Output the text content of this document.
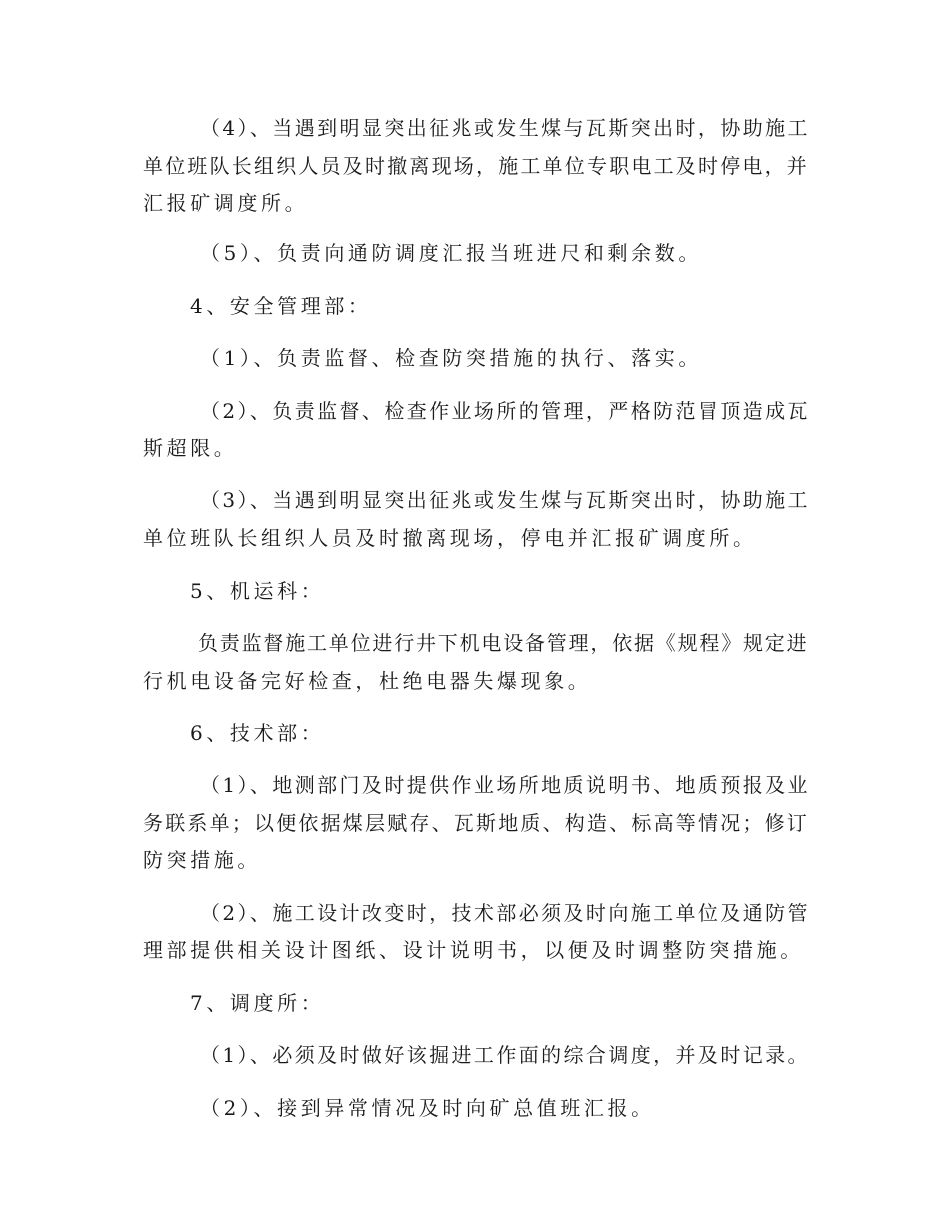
（4）、当遇到明显突出征兆或发生煤与瓦斯突出时，协助施工
单位班队长组织人员及时撤离现场，施工单位专职电工及时停电，并
汇报矿调度所。
（5）、负责向通防调度汇报当班进尺和剩余数。
4、安全管理部：
（1）、负责监督、检查防突措施的执行、落实。
（2）、负责监督、检查作业场所的管理，严格防范冒顶造成瓦
斯超限。
（3）、当遇到明显突出征兆或发生煤与瓦斯突出时，协助施工
单位班队长组织人员及时撤离现场，停电并汇报矿调度所。
5、机运科：
负责监督施工单位进行井下机电设备管理，依据《规程》规定进
行机电设备完好检查，杜绝电器失爆现象。
6、技术部：
（1）、地测部门及时提供作业场所地质说明书、地质预报及业
务联系单；以便依据煤层赋存、瓦斯地质、构造、标高等情况；修订
防突措施。
（2）、施工设计改变时，技术部必须及时向施工单位及通防管
理部提供相关设计图纸、设计说明书，以便及时调整防突措施。
7、调度所：
（1）、必须及时做好该掘进工作面的综合调度，并及时记录。
（2）、接到异常情况及时向矿总值班汇报。
